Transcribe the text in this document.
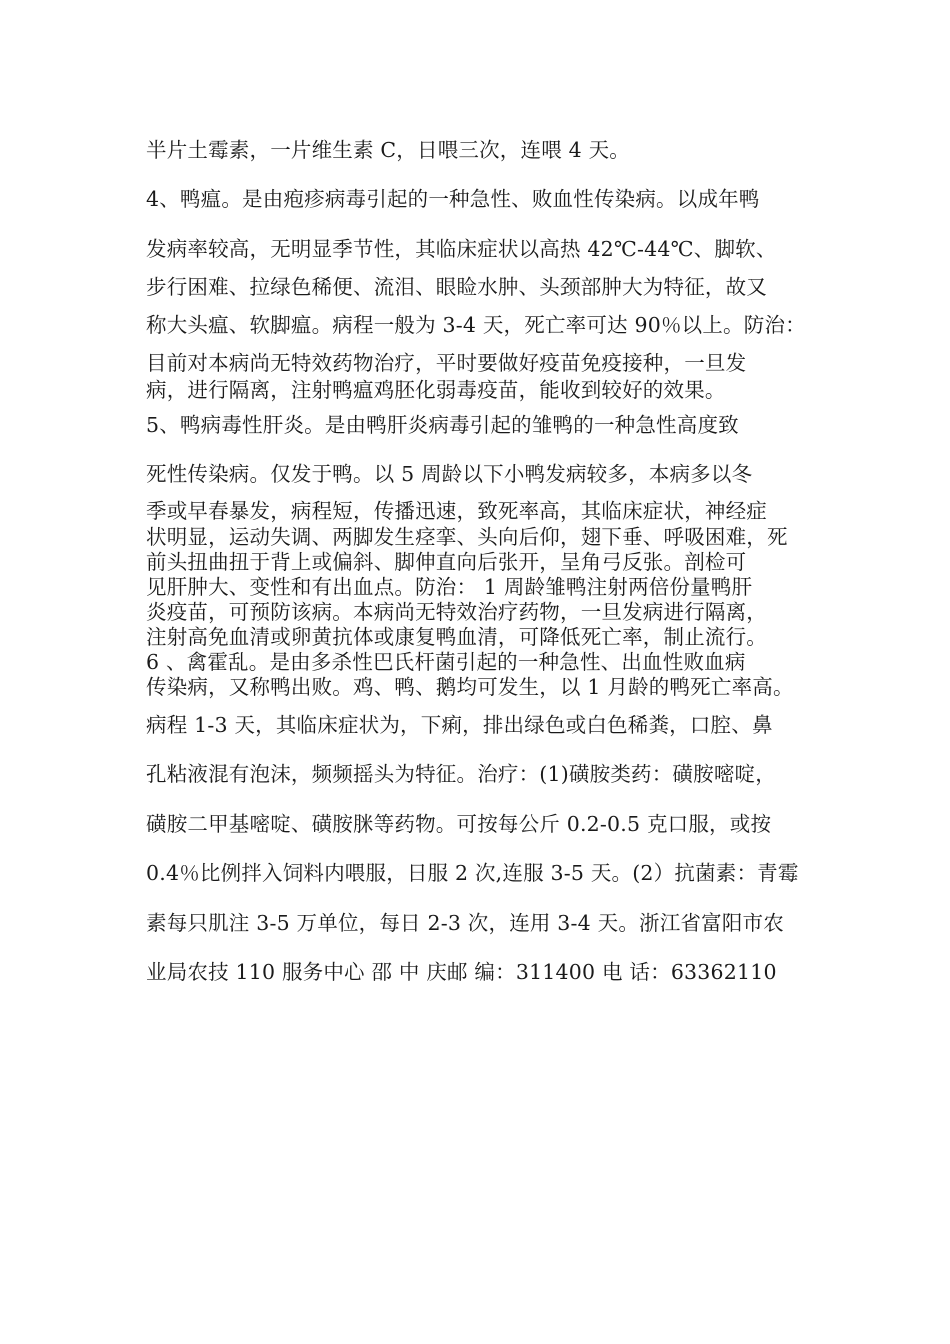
半片土霉素，一片维生素 C，日喂三次，连喂 4 天。
4、鸭瘟。是由疱疹病毒引起的一种急性、败血性传染病。以成年鸭
发病率较高，无明显季节性，其临床症状以高热 42℃-44℃、脚软、
步行困难、拉绿色稀便、流泪、眼睑水肿、头颈部肿大为特征，故又
称大头瘟、软脚瘟。病程一般为 3-4 天，死亡率可达 90％以上。防治：
目前对本病尚无特效药物治疗，平时要做好疫苗免疫接种，一旦发
病，进行隔离，注射鸭瘟鸡胚化弱毒疫苗，能收到较好的效果。
5、鸭病毒性肝炎。是由鸭肝炎病毒引起的雏鸭的一种急性高度致
死性传染病。仅发于鸭。以 5 周龄以下小鸭发病较多，本病多以冬
季或早春暴发，病程短，传播迅速，致死率高，其临床症状，神经症
状明显，运动失调、两脚发生痉挛、头向后仰，翅下垂、呼吸困难，死
前头扭曲扭于背上或偏斜、脚伸直向后张开，呈角弓反张。剖检可
见肝肿大、变性和有出血点。防治： 1 周龄雏鸭注射两倍份量鸭肝
炎疫苗，可预防该病。本病尚无特效治疗药物，一旦发病进行隔离，
注射高免血清或卵黄抗体或康复鸭血清，可降低死亡率，制止流行。
6 、禽霍乱。是由多杀性巴氏杆菌引起的一种急性、出血性败血病
传染病，又称鸭出败。鸡、鸭、鹅均可发生，以 1 月龄的鸭死亡率高。
病程 1-3 天，其临床症状为，下痢，排出绿色或白色稀粪，口腔、鼻
孔粘液混有泡沫，频频摇头为特征。治疗：(1)磺胺类药：磺胺嘧啶，
磺胺二甲基嘧啶、磺胺脒等药物。可按每公斤 0.2-0.5 克口服，或按
0.4％比例拌入饲料内喂服，日服 2 次,连服 3-5 天。(2）抗菌素：青霉
素每只肌注 3-5 万单位，每日 2-3 次，连用 3-4 天。浙江省富阳市农
业局农技 110 服务中心 邵 中 庆邮 编：311400 电 话：63362110
